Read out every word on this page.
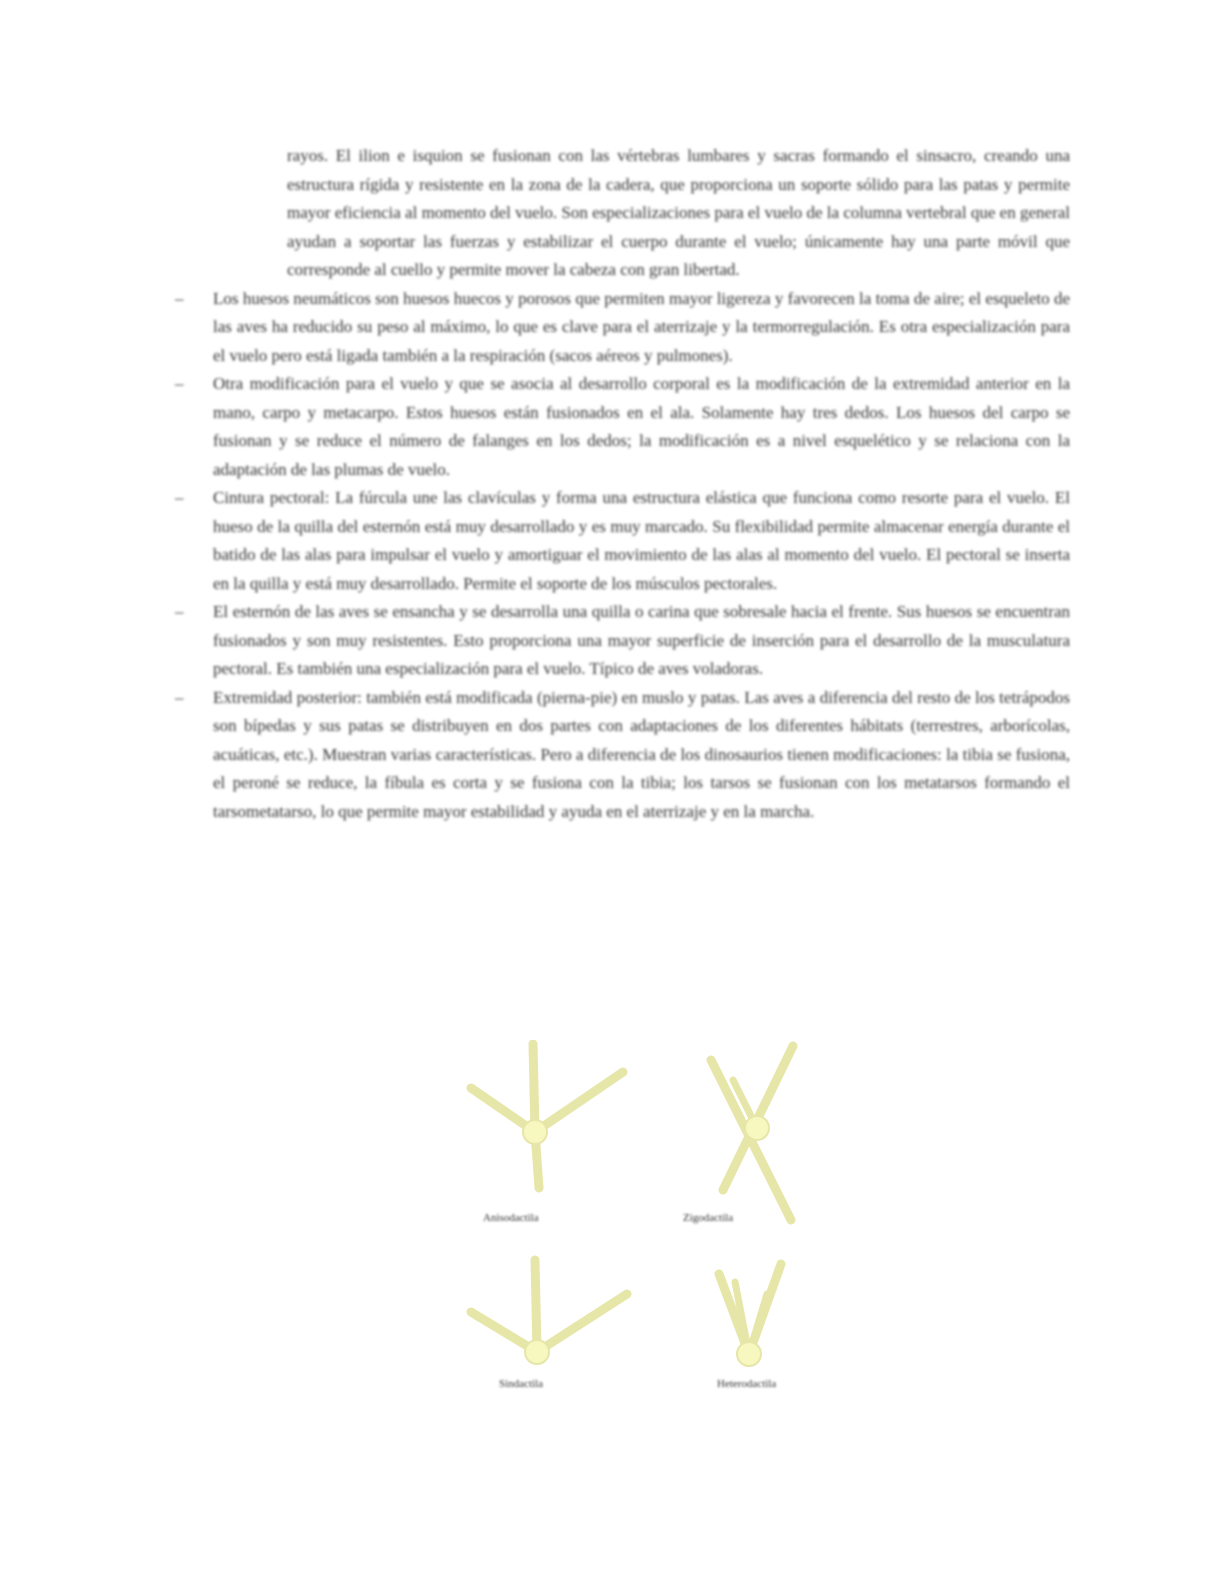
rayos. El ilion e isquion se fusionan con las vértebras lumbares y sacras formando el sinsacro, creando una estructura rígida y resistente en la zona de la cadera, que proporciona un soporte sólido para las patas y permite mayor eficiencia al momento del vuelo. Son especializaciones para el vuelo de la columna vertebral que en general ayudan a soportar las fuerzas y estabilizar el cuerpo durante el vuelo; únicamente hay una parte móvil que corresponde al cuello y permite mover la cabeza con gran libertad.

– Los huesos neumáticos son huesos huecos y porosos que permiten mayor ligereza y favorecen la toma de aire; el esqueleto de las aves ha reducido su peso al máximo, lo que es clave para el aterrizaje y la termorregulación. Es otra especialización para el vuelo pero está ligada también a la respiración (sacos aéreos y pulmones).

– Otra modificación para el vuelo y que se asocia al desarrollo corporal es la modificación de la extremidad anterior en la mano, carpo y metacarpo. Estos huesos están fusionados en el ala. Solamente hay tres dedos. Los huesos del carpo se fusionan y se reduce el número de falanges en los dedos; la modificación es a nivel esquelético y se relaciona con la adaptación de las plumas de vuelo.

– Cintura pectoral: La fúrcula une las clavículas y forma una estructura elástica que funciona como resorte para el vuelo. El hueso de la quilla del esternón está muy desarrollado y es muy marcado. Su flexibilidad permite almacenar energía durante el batido de las alas para impulsar el vuelo y amortiguar el movimiento de las alas al momento del vuelo. El pectoral se inserta en la quilla y está muy desarrollado. Permite el soporte de los músculos pectorales.

– El esternón de las aves se ensancha y se desarrolla una quilla o carina que sobresale hacia el frente. Sus huesos se encuentran fusionados y son muy resistentes. Esto proporciona una mayor superficie de inserción para el desarrollo de la musculatura pectoral. Es también una especialización para el vuelo. Típico de aves voladoras.

– Extremidad posterior: también está modificada (pierna-pie) en muslo y patas. Las aves a diferencia del resto de los tetrápodos son bípedas y sus patas se distribuyen en dos partes con adaptaciones de los diferentes hábitats (terrestres, arborícolas, acuáticas, etc.). Muestran varias características. Pero a diferencia de los dinosaurios tienen modificaciones: la tibia se fusiona, el peroné se reduce, la fíbula es corta y se fusiona con la tibia; los tarsos se fusionan con los metatarsos formando el tarsometatarso, lo que permite mayor estabilidad y ayuda en el aterrizaje y en la marcha.

Anisodactila	Zigodactila
Sindactila	Heterodactila
